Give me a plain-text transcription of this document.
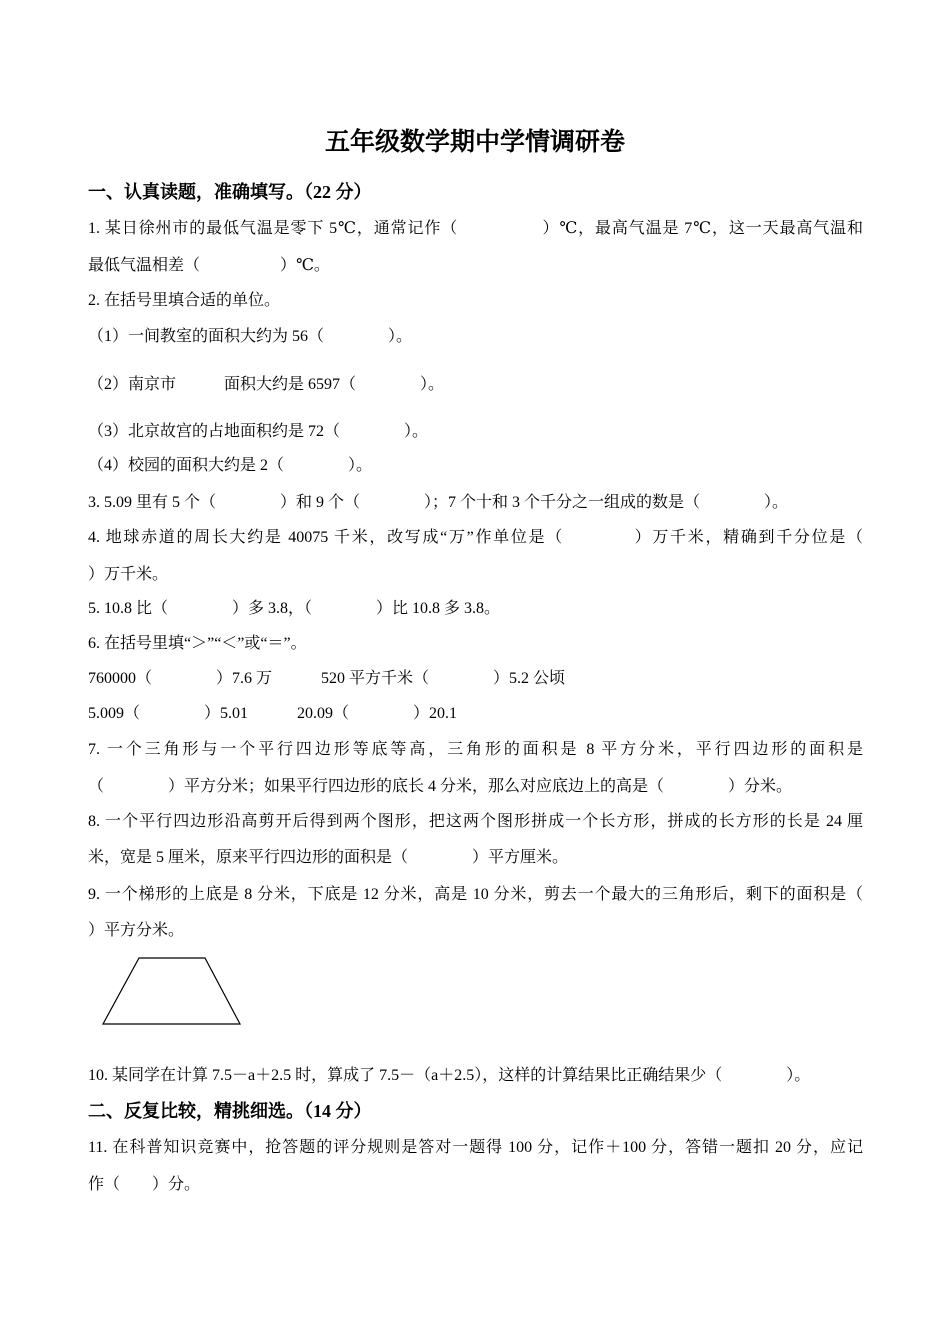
五年级数学期中学情调研卷
一、认真读题，准确填写。（22 分）
1. 某日徐州市的最低气温是零下 5℃，通常记作（　　　　　）℃，最高气温是 7℃，这一天最高气温和
最低气温相差（　　　　　）℃。
2. 在括号里填合适的单位。
（1）一间教室的面积大约为 56（　　　　）。
（2）南京市　　　面积大约是 6597（　　　　）。
（3）北京故宫的占地面积约是 72（　　　　）。
（4）校园的面积大约是 2（　　　　）。
3. 5.09 里有 5 个（　　　　）和 9 个（　　　　）；7 个十和 3 个千分之一组成的数是（　　　　）。
4. 地球赤道的周长大约是 40075 千米，改写成“万”作单位是（　　　　）万千米，精确到千分位是（
）万千米。
5. 10.8 比（　　　　）多 3.8，（　　　　）比 10.8 多 3.8。
6. 在括号里填“＞”“＜”或“＝”。
760000（　　　　）7.6 万	520 平方千米（　　　　）5.2 公顷
5.009（　　　　）5.01	20.09（　　　　）20.1
7. 一个三角形与一个平行四边形等底等高，三角形的面积是 8 平方分米，平行四边形的面积是
（　　　　）平方分米；如果平行四边形的底长 4 分米，那么对应底边上的高是（　　　　）分米。
8. 一个平行四边形沿高剪开后得到两个图形，把这两个图形拼成一个长方形，拼成的长方形的长是 24 厘
米，宽是 5 厘米，原来平行四边形的面积是（　　　　）平方厘米。
9. 一个梯形的上底是 8 分米，下底是 12 分米，高是 10 分米，剪去一个最大的三角形后，剩下的面积是（
）平方分米。
10. 某同学在计算 7.5－a＋2.5 时，算成了 7.5－（a＋2.5），这样的计算结果比正确结果少（　　　　）。
二、反复比较，精挑细选。（14 分）
11. 在科普知识竞赛中，抢答题的评分规则是答对一题得 100 分，记作＋100 分，答错一题扣 20 分，应记
作（　　）分。
